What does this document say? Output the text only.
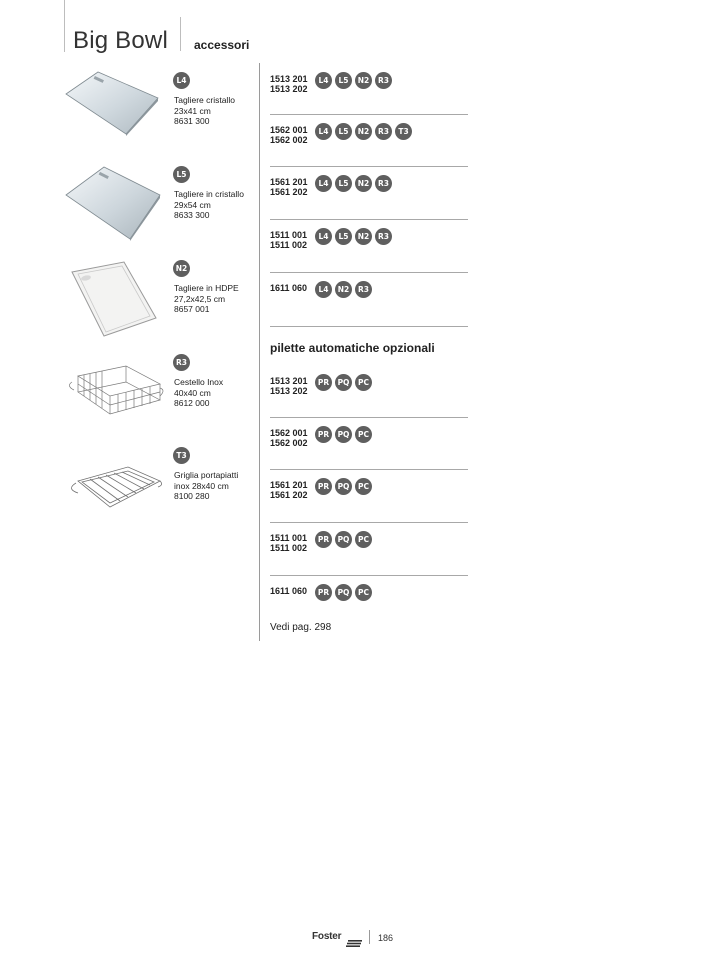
Big Bowl accessori
L4
Tagliere cristallo
23x41 cm
8631 300
L5
Tagliere in cristallo
29x54 cm
8633 300
N2
Tagliere in HDPE
27,2x42,5 cm
8657 001
R3
Cestello Inox
40x40 cm
8612 000
T3
Griglia portapiatti
inox 28x40 cm
8100 280
1513 201
1513 202
L4 L5 N2 R3
1562 001
1562 002
L4 L5 N2 R3 T3
1561 201
1561 202
L4 L5 N2 R3
1511 001
1511 002
L4 L5 N2 R3
1611 060	L4 N2 R3
pilette automatiche opzionali
1513 201
1513 202
PR PQ PC
1562 001
1562 002
PR PQ PC
1561 201
1561 202
PR PQ PC
1511 001
1511 002
PR PQ PC
1611 060	PR PQ PC
Vedi pag. 298
Foster	186
